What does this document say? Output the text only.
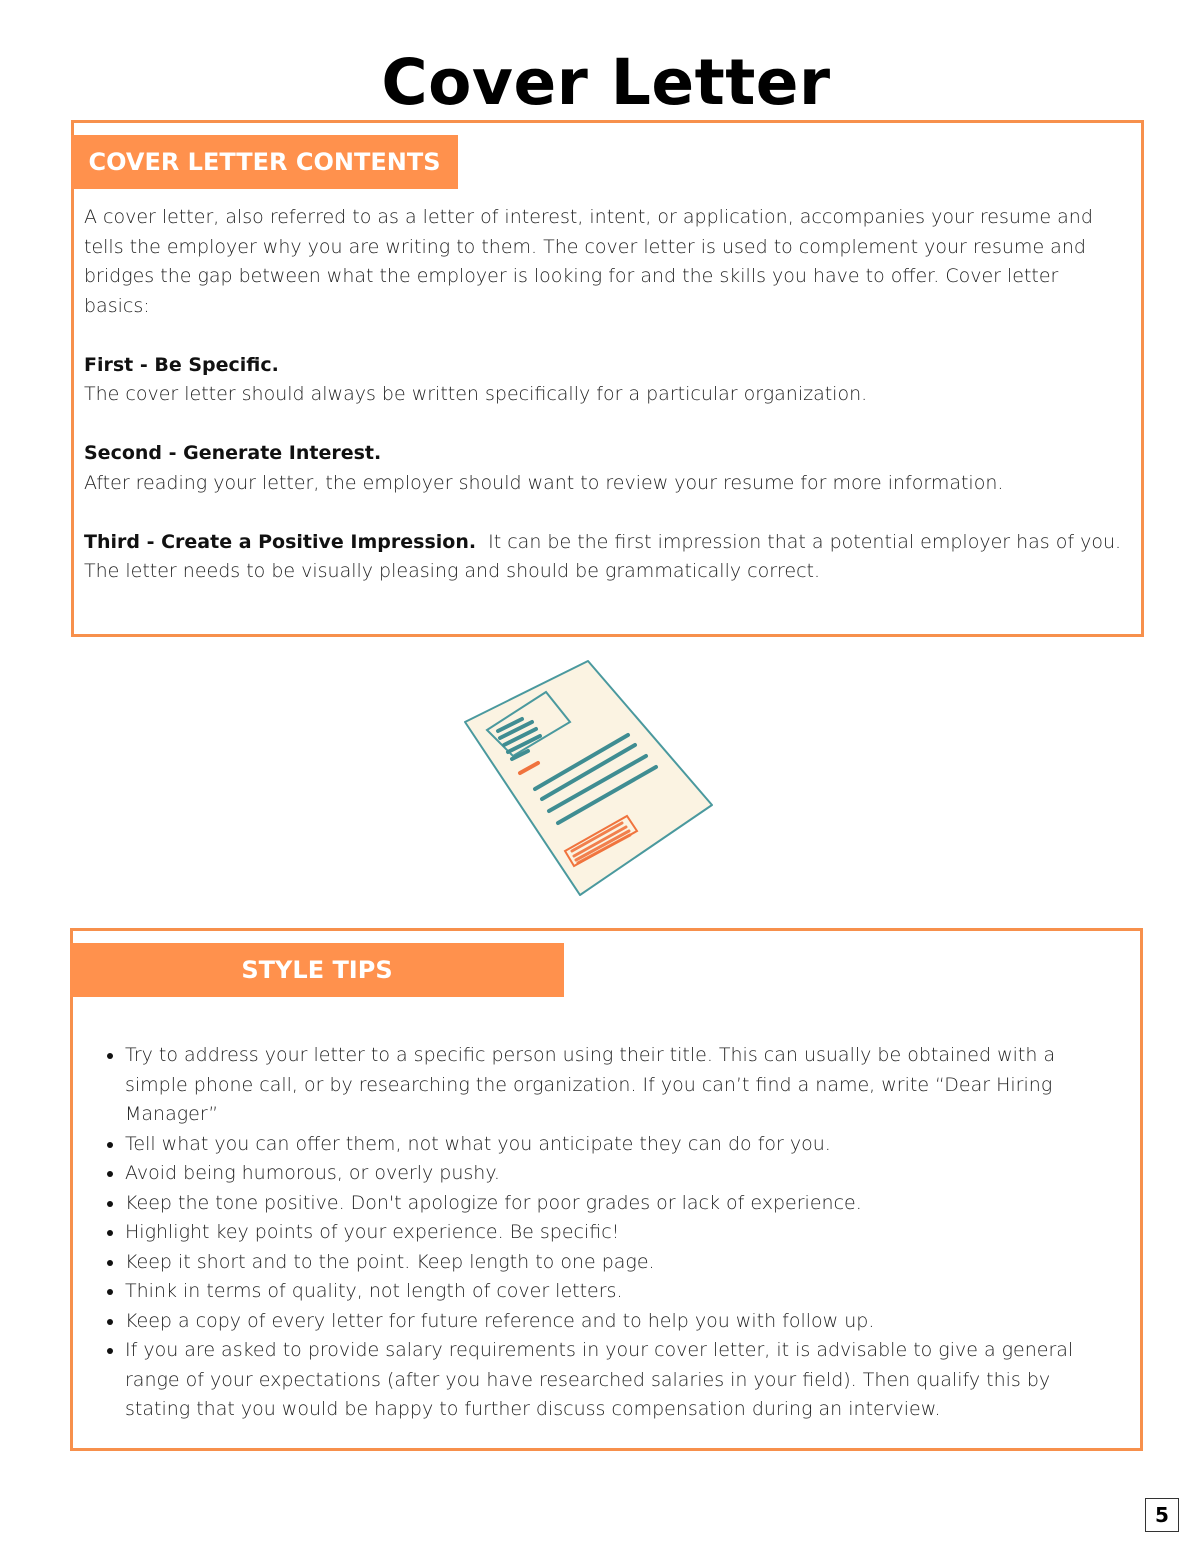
Cover Letter
COVER LETTER CONTENTS

A cover letter, also referred to as a letter of interest, intent, or application, accompanies your resume and tells the employer why you are writing to them. The cover letter is used to complement your resume and bridges the gap between what the employer is looking for and the skills you have to offer. Cover letter basics:

First - Be Specific.

The cover letter should always be written specifically for a particular organization.

Second - Generate Interest.

After reading your letter, the employer should want to review your resume for more information.

Third - Create a Positive Impression.  It can be the first impression that a potential employer has of you. The letter needs to be visually pleasing and should be grammatically correct.

STYLE TIPS
• Try to address your letter to a specific person using their title. This can usually be obtained with a simple phone call, or by researching the organization. If you can’t find a name, write “Dear Hiring Manager”
• Tell what you can offer them, not what you anticipate they can do for you.
• Avoid being humorous, or overly pushy.
• Keep the tone positive. Don't apologize for poor grades or lack of experience.
• Highlight key points of your experience. Be specific!
• Keep it short and to the point. Keep length to one page.
• Think in terms of quality, not length of cover letters.
• Keep a copy of every letter for future reference and to help you with follow up.
• If you are asked to provide salary requirements in your cover letter, it is advisable to give a general range of your expectations (after you have researched salaries in your field). Then qualify this by stating that you would be happy to further discuss compensation during an interview.
5
